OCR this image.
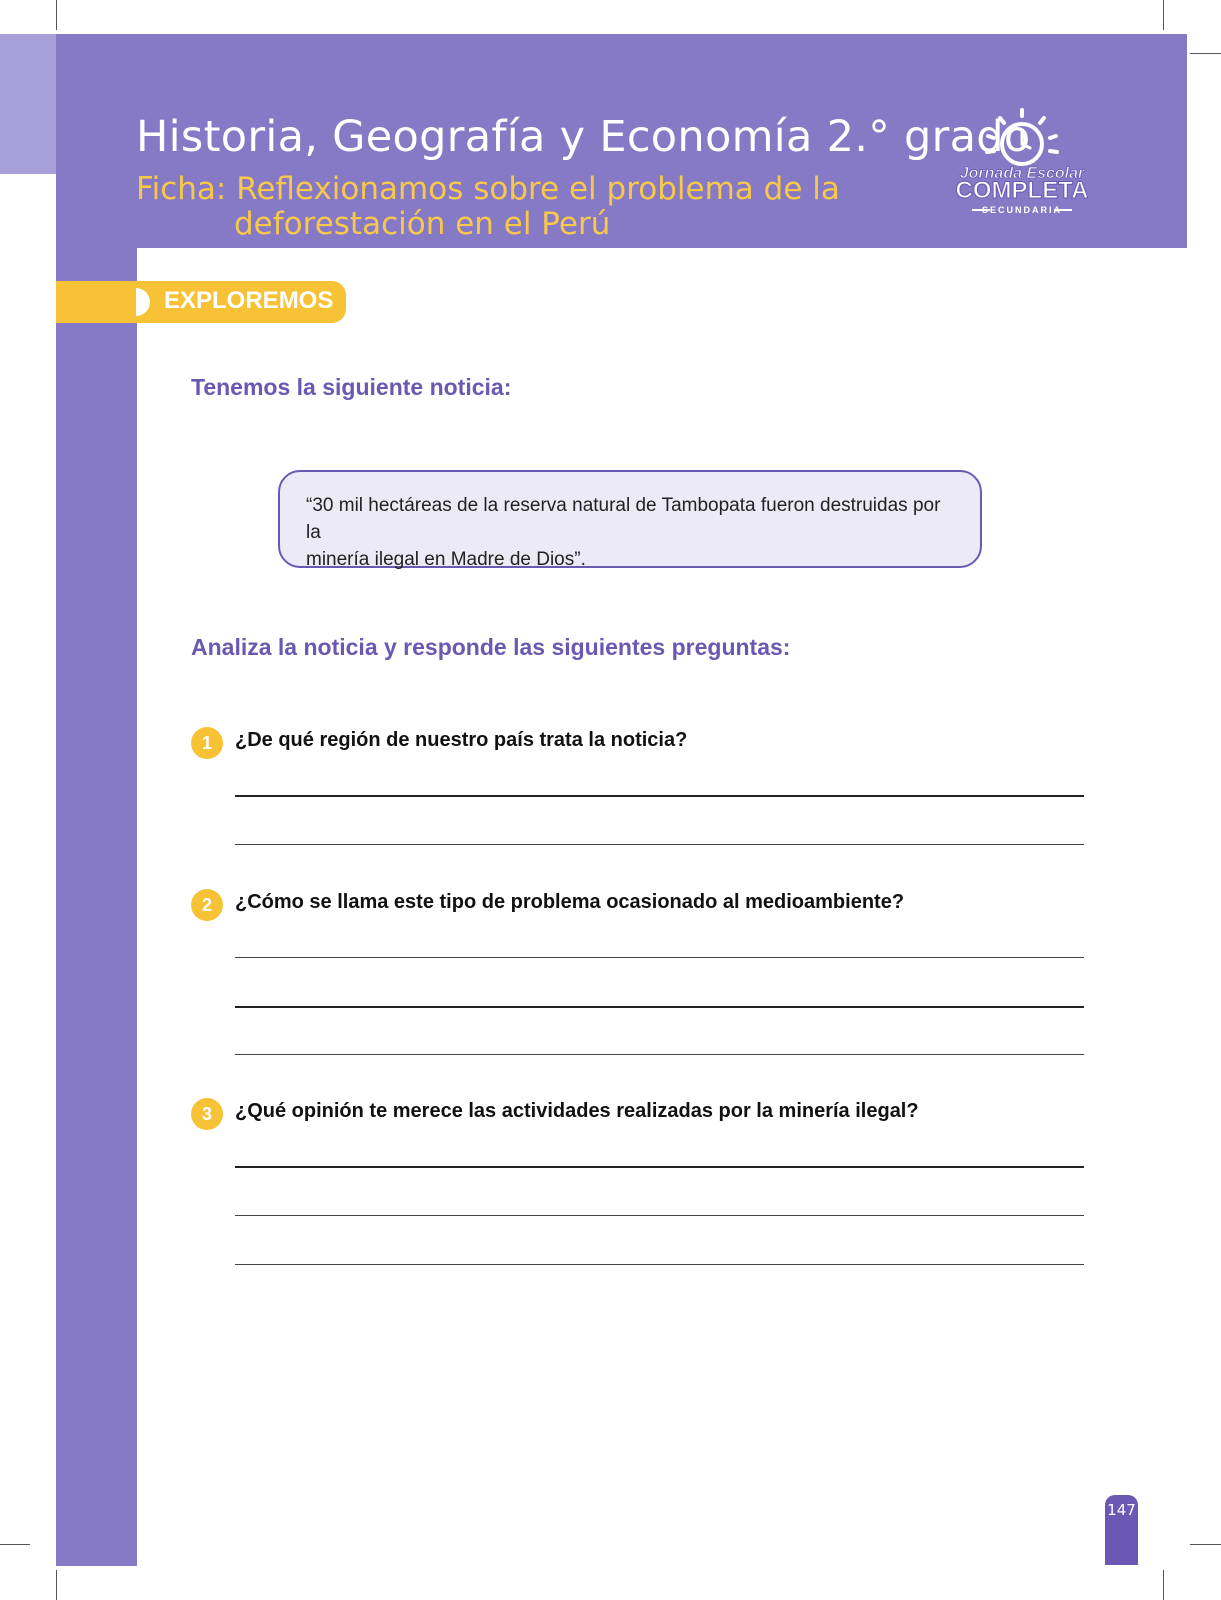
Historia, Geografía y Economía 2.° grado
Ficha: Reflexionamos sobre el problema de la
deforestación en el Perú
Jornada Escolar
COMPLETA
SECUNDARIA
EXPLOREMOS
Tenemos la siguiente noticia:
“30 mil hectáreas de la reserva natural de Tambopata fueron destruidas por la
minería ilegal en Madre de Dios”.
Analiza la noticia y responde las siguientes preguntas:
1	¿De qué región de nuestro país trata la noticia?
2	¿Cómo se llama este tipo de problema ocasionado al medioambiente?
3	¿Qué opinión te merece las actividades realizadas por la minería ilegal?
147
